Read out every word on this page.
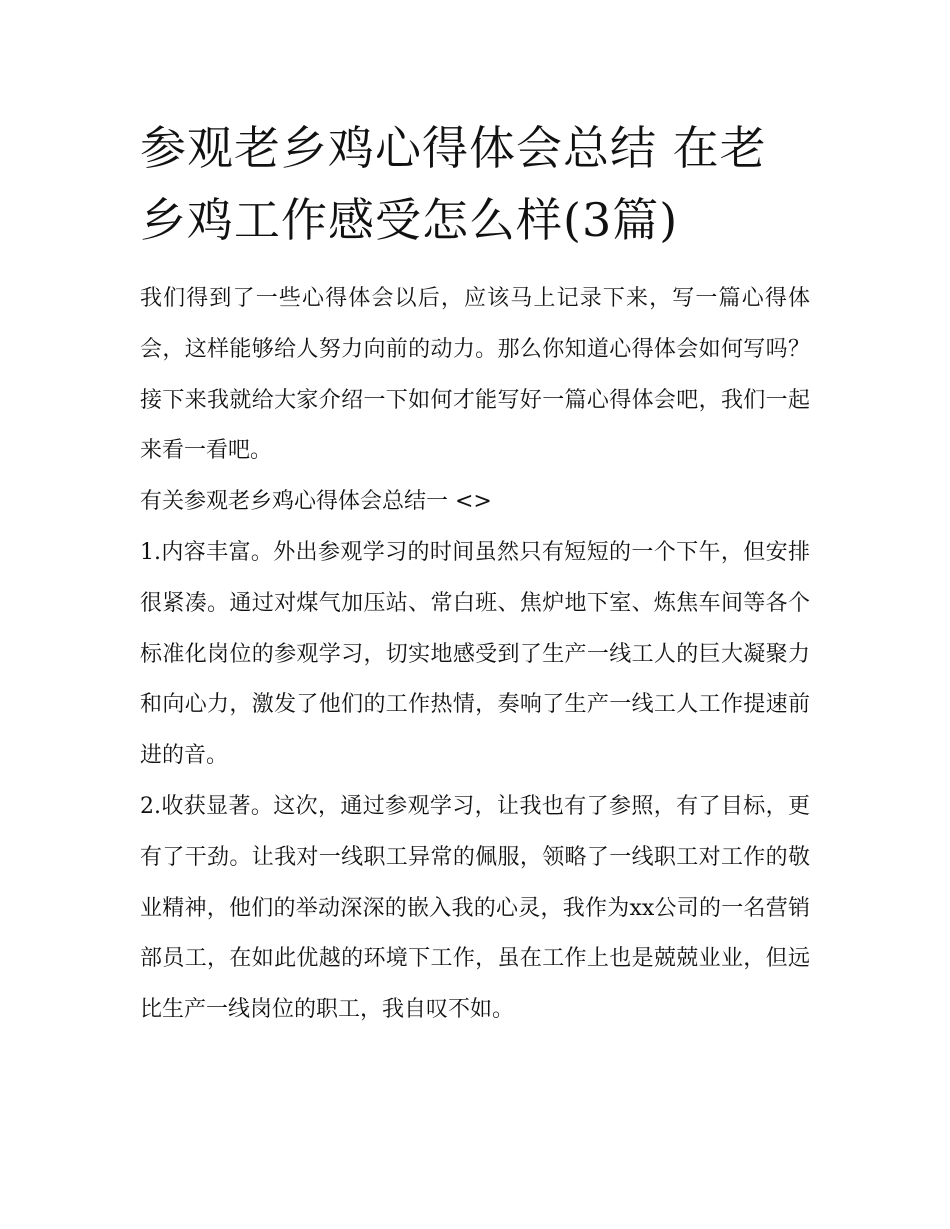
参观老乡鸡心得体会总结 在老乡鸡工作感受怎么样(3篇)

我们得到了一些心得体会以后，应该马上记录下来，写一篇心得体会，这样能够给人努力向前的动力。那么你知道心得体会如何写吗？接下来我就给大家介绍一下如何才能写好一篇心得体会吧，我们一起来看一看吧。

有关参观老乡鸡心得体会总结一 <>

1.内容丰富。外出参观学习的时间虽然只有短短的一个下午，但安排很紧凑。通过对煤气加压站、常白班、焦炉地下室、炼焦车间等各个标准化岗位的参观学习，切实地感受到了生产一线工人的巨大凝聚力和向心力，激发了他们的工作热情，奏响了生产一线工人工作提速前进的音。

2.收获显著。这次，通过参观学习，让我也有了参照，有了目标，更有了干劲。让我对一线职工异常的佩服，领略了一线职工对工作的敬业精神，他们的举动深深的嵌入我的心灵，我作为xx公司的一名营销部员工，在如此优越的环境下工作，虽在工作上也是兢兢业业，但远比生产一线岗位的职工，我自叹不如。
